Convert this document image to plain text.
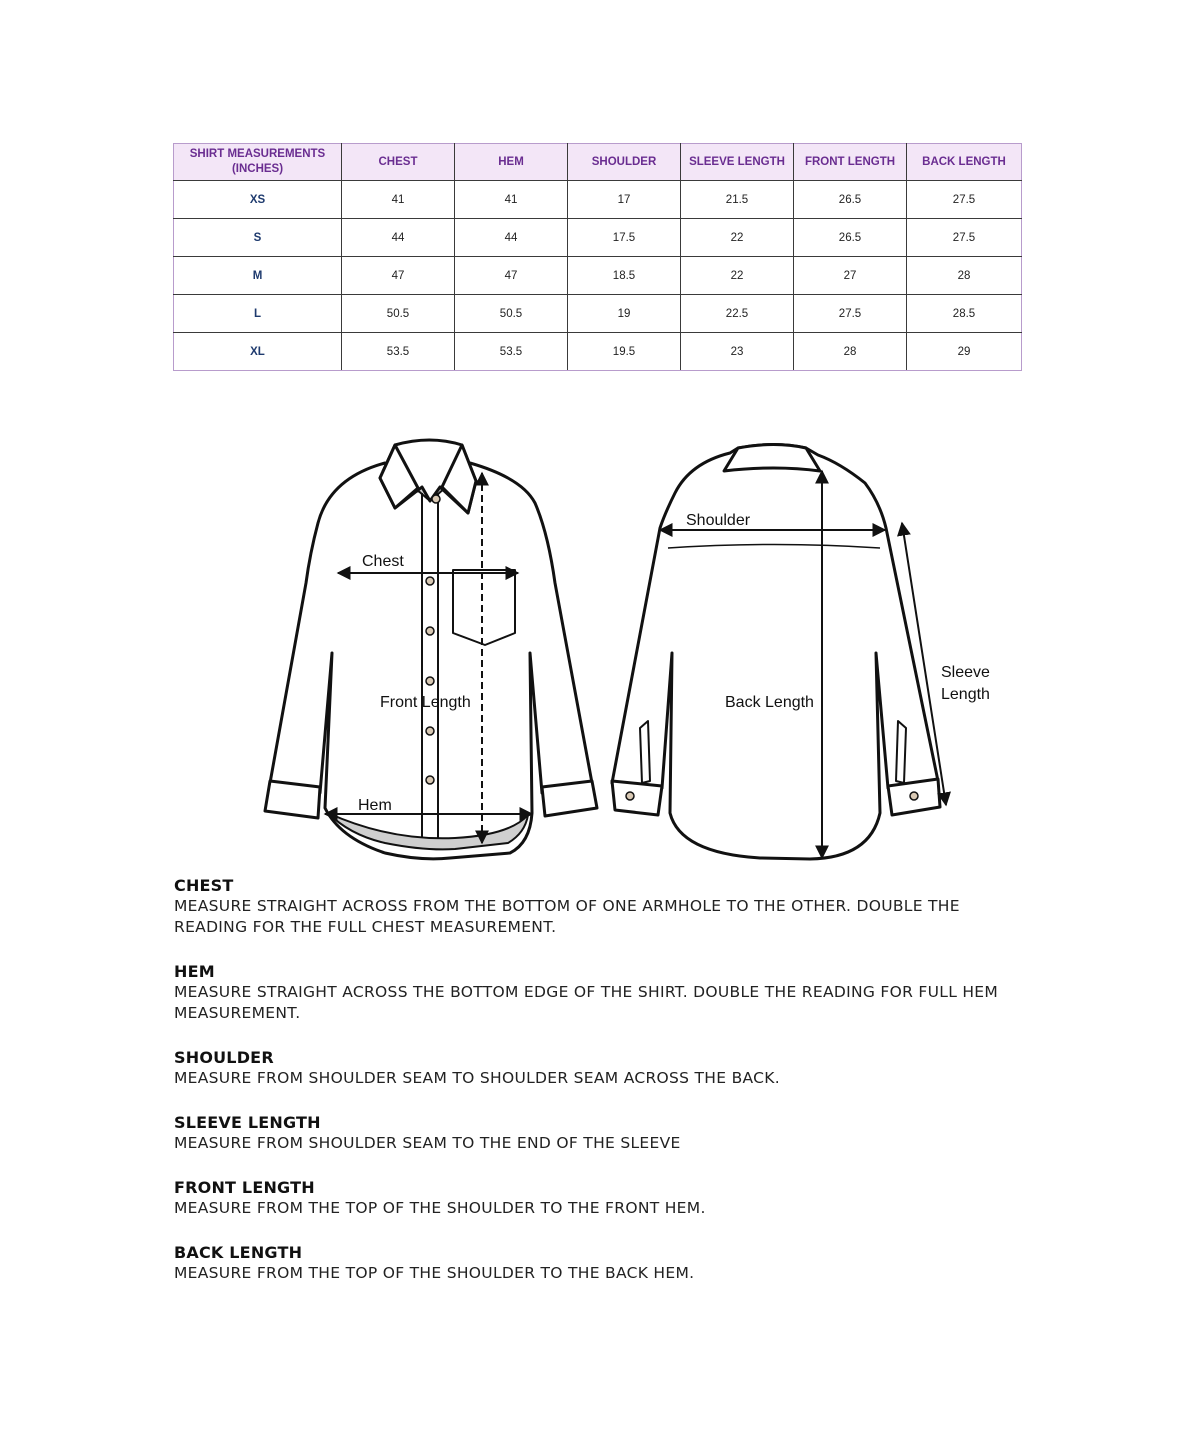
SHIRT MEASUREMENTS (INCHES)	CHEST	HEM	SHOULDER	SLEEVE LENGTH	FRONT LENGTH	BACK LENGTH
XS	41	41	17	21.5	26.5	27.5
S	44	44	17.5	22	26.5	27.5
M	47	47	18.5	22	27	28
L	50.5	50.5	19	22.5	27.5	28.5
XL	53.5	53.5	19.5	23	28	29
Chest
Front Length
Hem
Shoulder
Back Length
Sleeve
Length

CHEST

MEASURE STRAIGHT ACROSS FROM THE BOTTOM OF ONE ARMHOLE TO THE OTHER. DOUBLE THE READING FOR THE FULL CHEST MEASUREMENT.

HEM

MEASURE STRAIGHT ACROSS THE BOTTOM EDGE OF THE SHIRT. DOUBLE THE READING FOR FULL HEM MEASUREMENT.

SHOULDER

MEASURE FROM SHOULDER SEAM TO SHOULDER SEAM ACROSS THE BACK.

SLEEVE LENGTH

MEASURE FROM SHOULDER SEAM TO THE END OF THE SLEEVE

FRONT LENGTH

MEASURE FROM THE TOP OF THE SHOULDER TO THE FRONT HEM.

BACK LENGTH

MEASURE FROM THE TOP OF THE SHOULDER TO THE BACK HEM.
